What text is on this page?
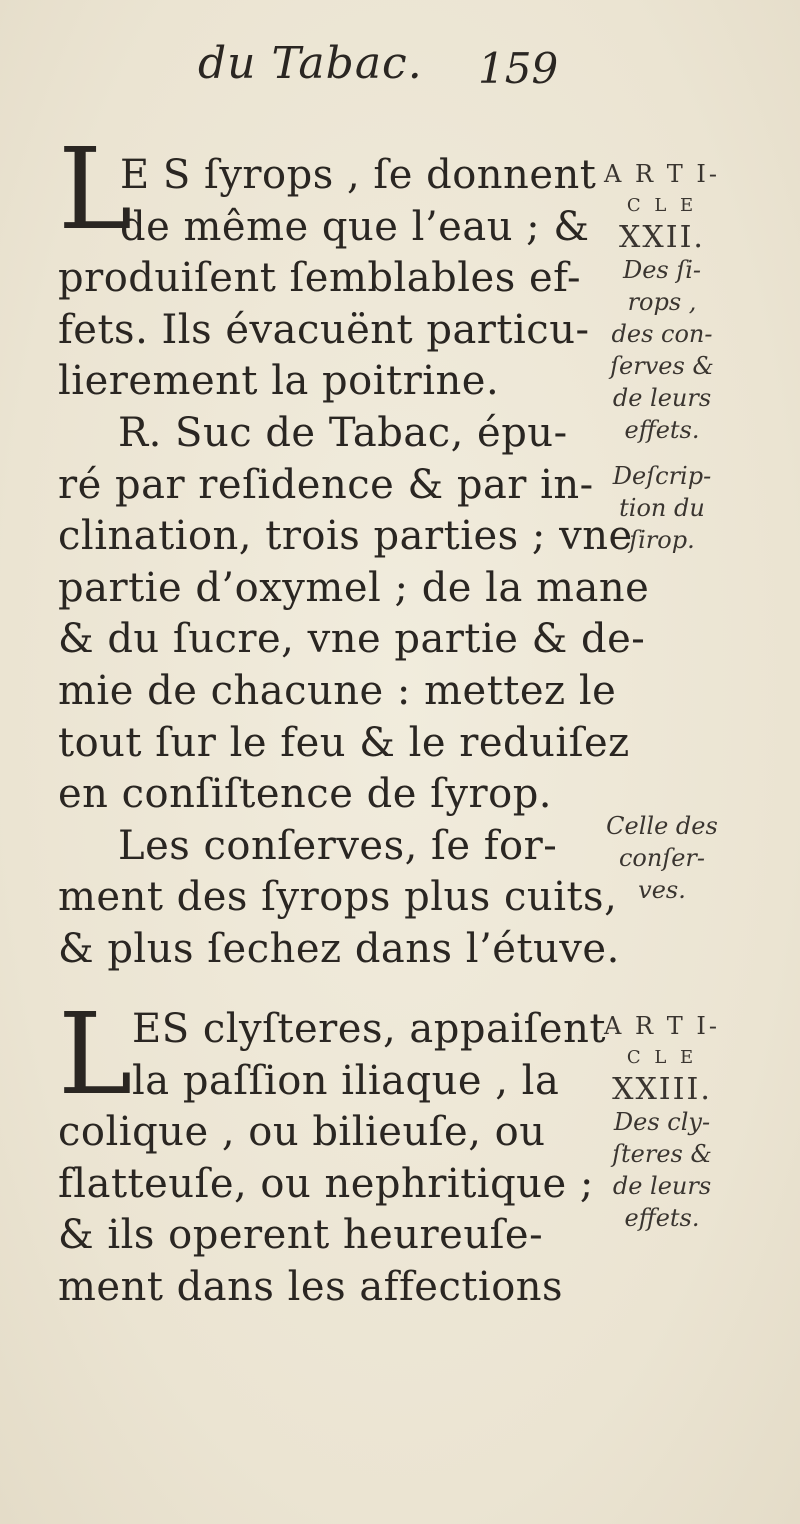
du Tabac. 159
L
E S ſyrops , ſe donnent
de même que l’eau ; &
produiſent ſemblables ef-
fets. Ils évacuënt particu-
lierement la poitrine.
R. Suc de Tabac, épu-
ré par reſidence & par in-
clination, trois parties ; vne
partie d’oxymel ; de la mane
& du ſucre, vne partie & de-
mie de chacune : mettez le
tout ſur le feu & le reduiſez
en conſiſtence de ſyrop.
Les conſerves, ſe for-
ment des ſyrops plus cuits,
& plus ſechez dans l’étuve.
A R T I-
C L E
XXII.
Des ſi-
rops ,
des con-
ſerves &
de leurs
effets.
Deſcrip-
tion du
ſirop.
Celle des
conſer-
ves.
L ES clyſteres, appaiſent
la paſſion iliaque , la
colique , ou bilieuſe, ou
flatteuſe, ou nephritique ;
& ils operent heureuſe-
ment dans les affections
A R T I-
C L E
XXIII.
Des cly-
ſteres &
de leurs
effets.
